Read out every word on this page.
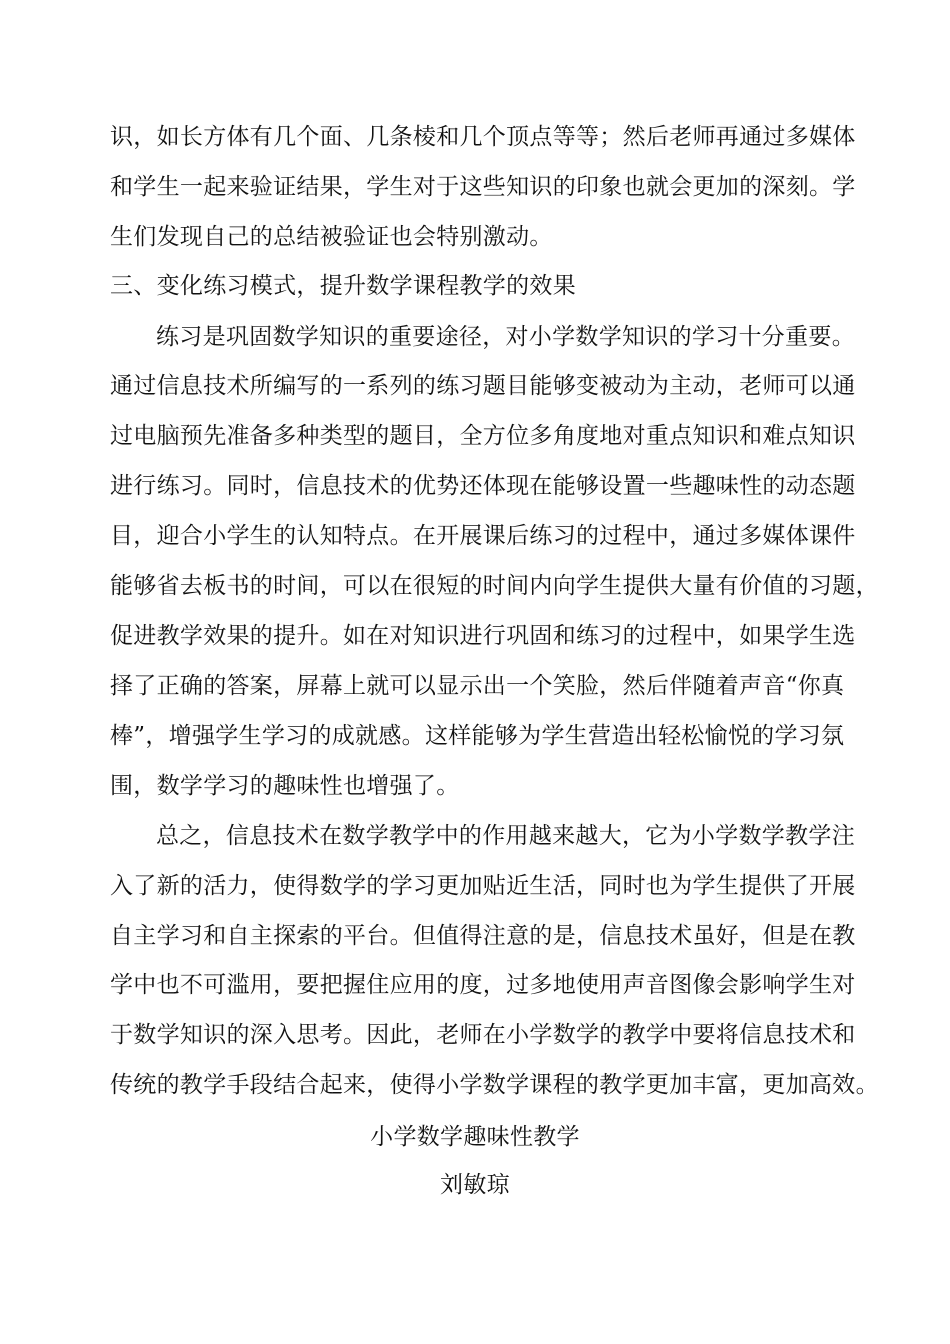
识，如长方体有几个面、几条棱和几个顶点等等；然后老师再通过多媒体
和学生一起来验证结果，学生对于这些知识的印象也就会更加的深刻。学
生们发现自己的总结被验证也会特别激动。
三、变化练习模式，提升数学课程教学的效果
练习是巩固数学知识的重要途径，对小学数学知识的学习十分重要。
通过信息技术所编写的一系列的练习题目能够变被动为主动，老师可以通
过电脑预先准备多种类型的题目，全方位多角度地对重点知识和难点知识
进行练习。同时，信息技术的优势还体现在能够设置一些趣味性的动态题
目，迎合小学生的认知特点。在开展课后练习的过程中，通过多媒体课件
能够省去板书的时间，可以在很短的时间内向学生提供大量有价值的习题，
促进教学效果的提升。如在对知识进行巩固和练习的过程中，如果学生选
择了正确的答案，屏幕上就可以显示出一个笑脸，然后伴随着声音“你真
棒”，增强学生学习的成就感。这样能够为学生营造出轻松愉悦的学习氛
围，数学学习的趣味性也增强了。
总之，信息技术在数学教学中的作用越来越大，它为小学数学教学注
入了新的活力，使得数学的学习更加贴近生活，同时也为学生提供了开展
自主学习和自主探索的平台。但值得注意的是，信息技术虽好，但是在教
学中也不可滥用，要把握住应用的度，过多地使用声音图像会影响学生对
于数学知识的深入思考。因此，老师在小学数学的教学中要将信息技术和
传统的教学手段结合起来，使得小学数学课程的教学更加丰富，更加高效。
小学数学趣味性教学
刘敏琼
